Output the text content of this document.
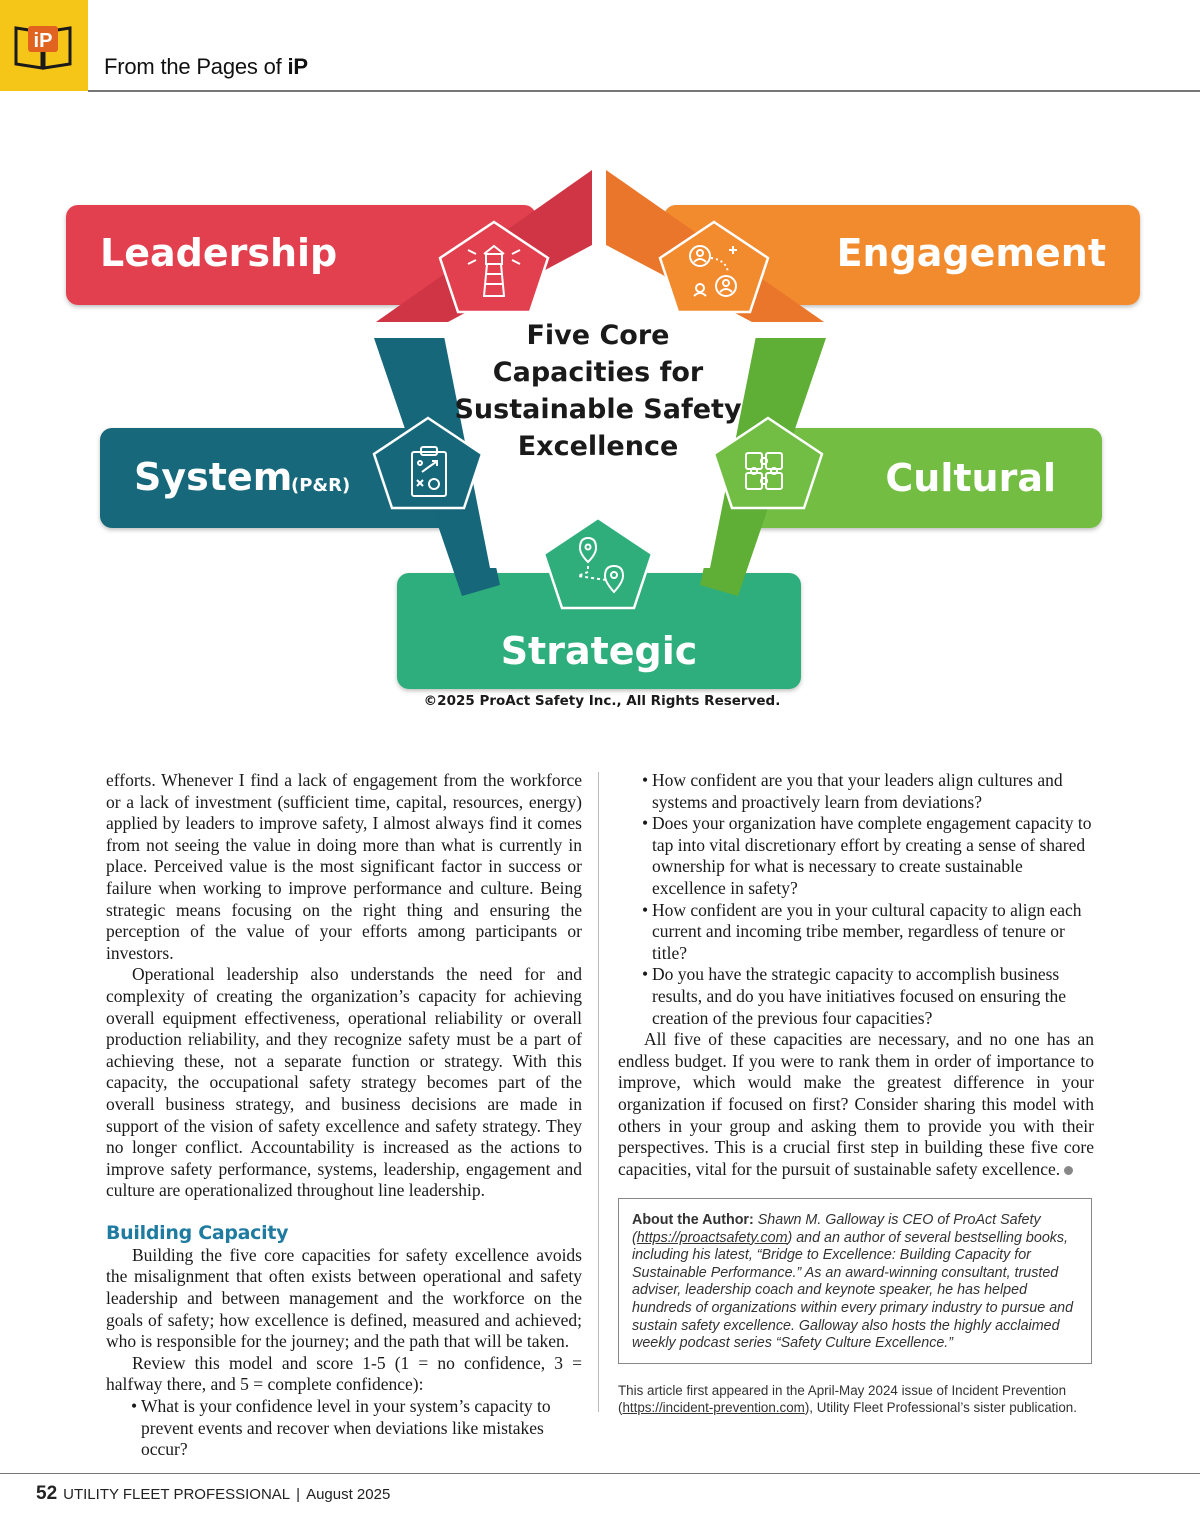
iP
From the Pages of iP
Five Core
Capacities for
Sustainable Safety
Excellence
Leadership	Engagement
System
(P&R)	Cultural
Strategic
©2025 ProAct Safety Inc., All Rights Reserved.

efforts. Whenever I find a lack of engagement from the workforce or a lack of investment (sufficient time, capital, resources, energy) applied by leaders to improve safety, I almost always find it comes from not seeing the value in doing more than what is currently in place. Perceived value is the most significant factor in success or failure when working to improve performance and culture. Being strategic means focusing on the right thing and ensuring the perception of the value of your efforts among participants or investors.

Operational leadership also understands the need for and complexity of creating the organization’s capacity for achieving overall equipment effectiveness, operational reliability or overall production reliability, and they recognize safety must be a part of achieving these, not a separate function or strategy. With this capacity, the occupational safety strategy becomes part of the overall business strategy, and business decisions are made in support of the vision of safety excellence and safety strategy. They no longer conflict. Accountability is increased as the actions to improve safety performance, systems, leadership, engagement and culture are operationalized throughout line leadership.

Building Capacity

Building the five core capacities for safety excellence avoids the misalignment that often exists between operational and safety leadership and between management and the workforce on the goals of safety; how excellence is defined, measured and achieved; who is responsible for the journey; and the path that will be taken.

Review this model and score 1-5 (1 = no confidence, 3 = halfway there, and 5 = complete confidence):

• What is your confidence level in your system’s capacity to prevent events and recover when deviations like mistakes occur?
• How confident are you that your leaders align cultures and systems and proactively learn from deviations?
• Does your organization have complete engagement capacity to tap into vital discretionary effort by creating a sense of shared ownership for what is necessary to create sustainable excellence in safety?
• How confident are you in your cultural capacity to align each current and incoming tribe member, regardless of tenure or title?
• Do you have the strategic capacity to accomplish business results, and do you have initiatives focused on ensuring the creation of the previous four capacities?

All five of these capacities are necessary, and no one has an endless budget. If you were to rank them in order of importance to improve, which would make the greatest difference in your organization if focused on first? Consider sharing this model with others in your group and asking them to provide you with their perspectives. This is a crucial first step in building these five core capacities, vital for the pursuit of sustainable safety excellence.

About the Author: Shawn M. Galloway is CEO of ProAct Safety (https://proactsafety.com) and an author of several bestselling books, including his latest, “Bridge to Excellence: Building Capacity for Sustainable Performance.” As an award-winning consultant, trusted adviser, leadership coach and keynote speaker, he has helped hundreds of organizations within every primary industry to pursue and sustain safety excellence. Galloway also hosts the highly acclaimed weekly podcast series “Safety Culture Excellence.”
This article first appeared in the April-May 2024 issue of Incident Prevention (https://incident-prevention.com), Utility Fleet Professional’s sister publication.
52 UTILITY FLEET PROFESSIONAL | August 2025
